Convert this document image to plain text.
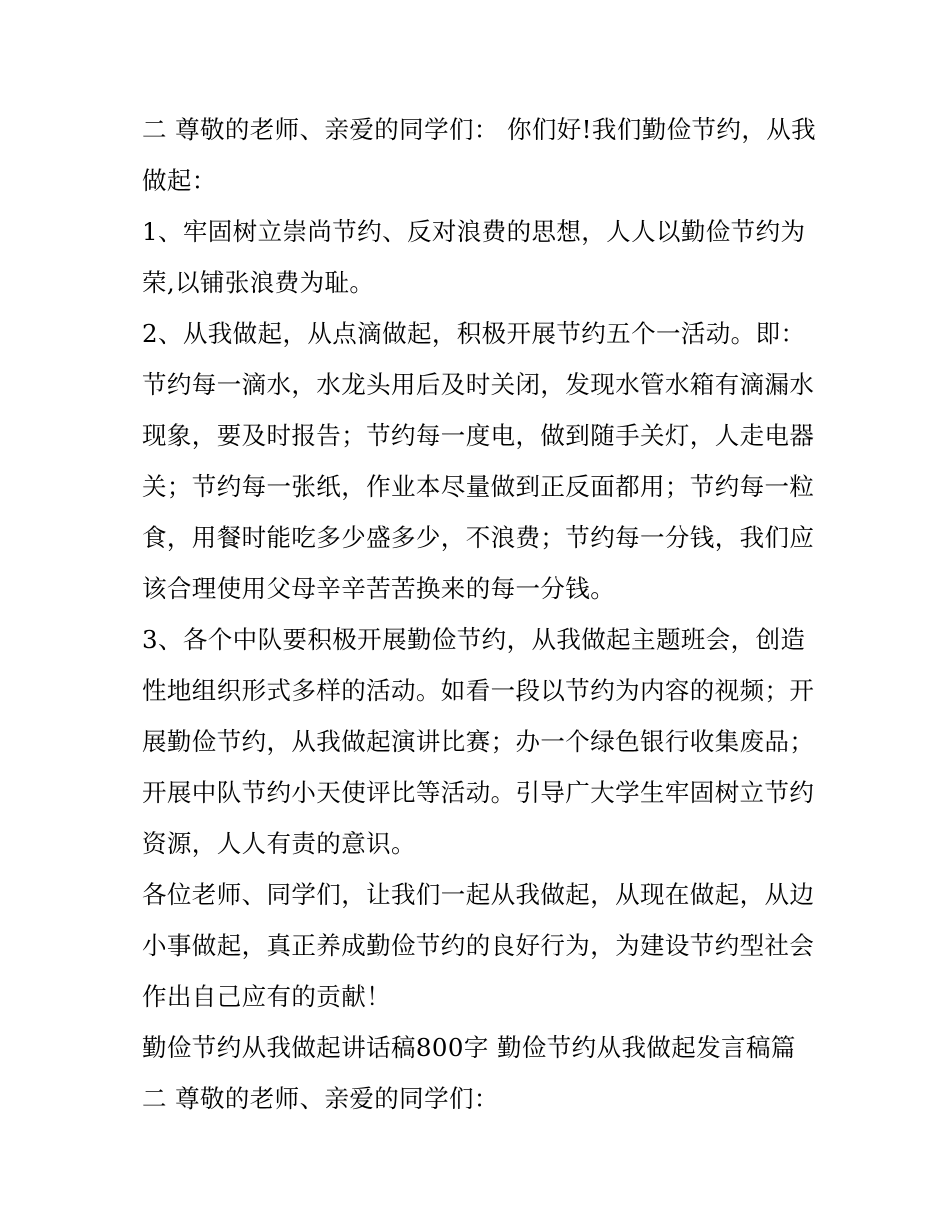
二 尊敬的老师、亲爱的同学们： 你们好!我们勤俭节约，从我
做起：
1、牢固树立崇尚节约、反对浪费的思想，人人以勤俭节约为
荣,以铺张浪费为耻。
2、从我做起，从点滴做起，积极开展节约五个一活动。即：
节约每一滴水，水龙头用后及时关闭，发现水管水箱有滴漏水
现象，要及时报告；节约每一度电，做到随手关灯，人走电器
关；节约每一张纸，作业本尽量做到正反面都用；节约每一粒
食，用餐时能吃多少盛多少，不浪费；节约每一分钱，我们应
该合理使用父母辛辛苦苦换来的每一分钱。
3、各个中队要积极开展勤俭节约，从我做起主题班会，创造
性地组织形式多样的活动。如看一段以节约为内容的视频；开
展勤俭节约，从我做起演讲比赛；办一个绿色银行收集废品；
开展中队节约小天使评比等活动。引导广大学生牢固树立节约
资源，人人有责的意识。
各位老师、同学们，让我们一起从我做起，从现在做起，从边
小事做起，真正养成勤俭节约的良好行为，为建设节约型社会
作出自己应有的贡献！
勤俭节约从我做起讲话稿800字 勤俭节约从我做起发言稿篇
二 尊敬的老师、亲爱的同学们：
